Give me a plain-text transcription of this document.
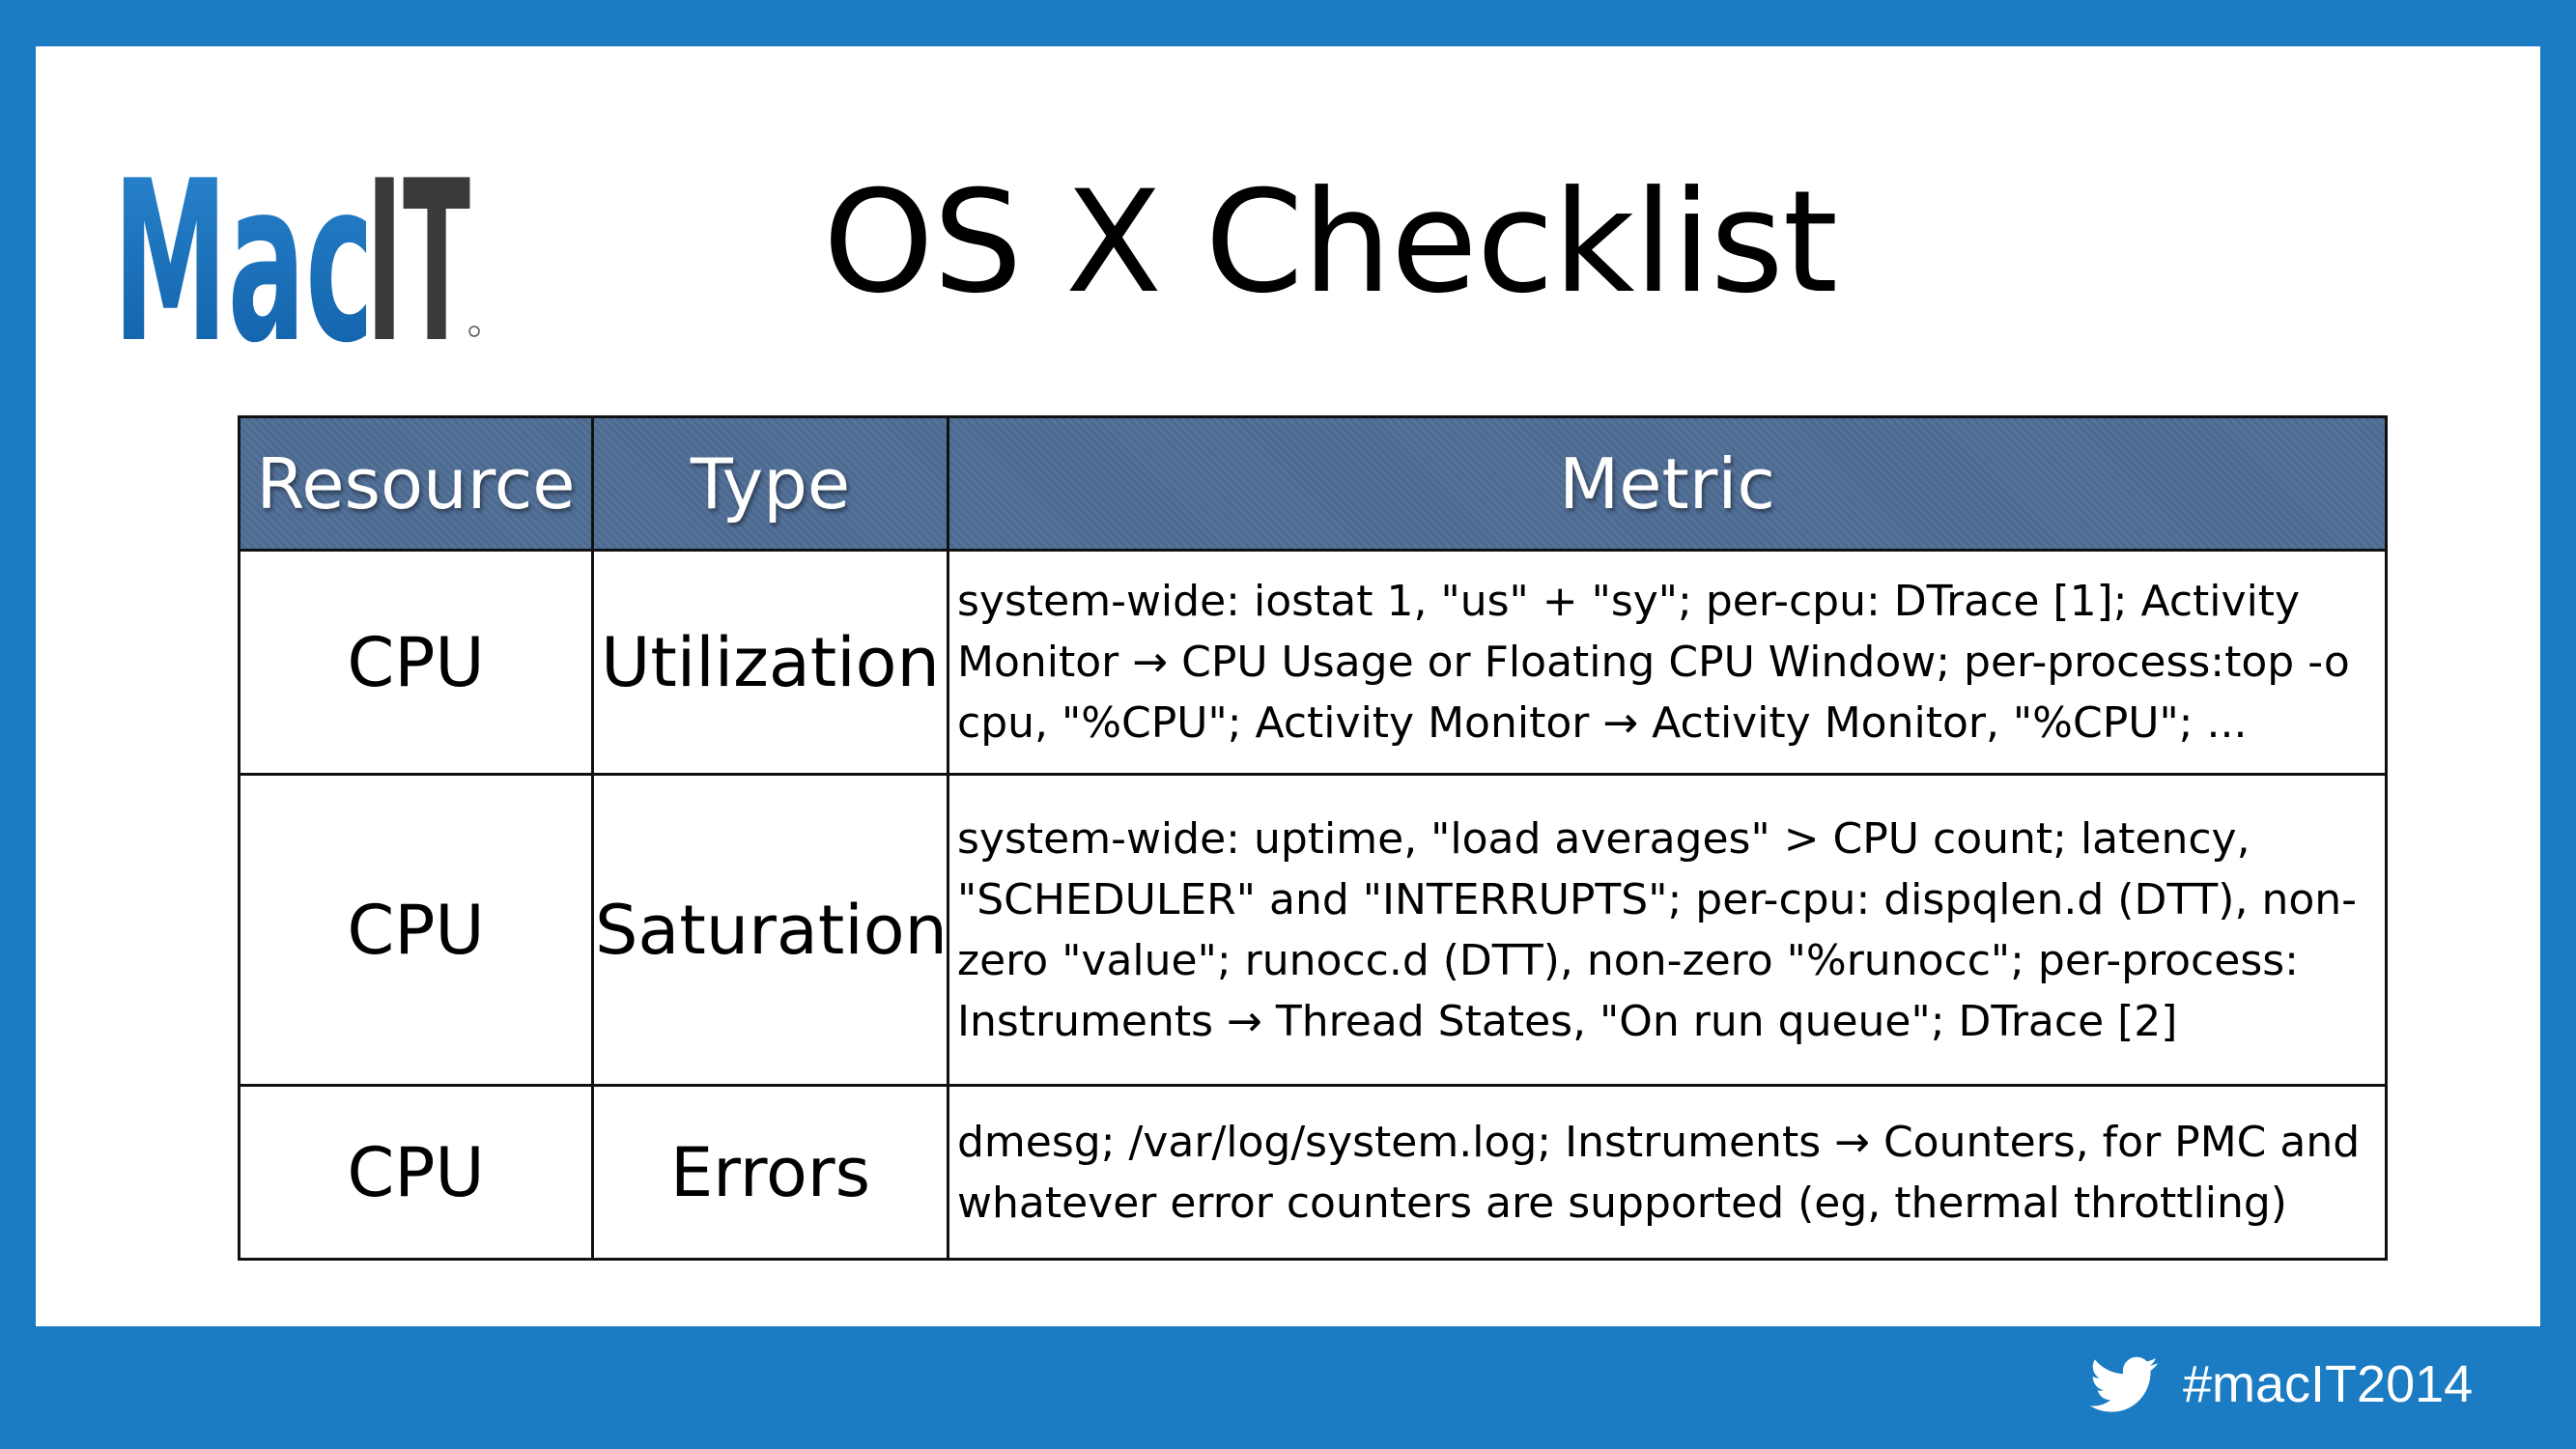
Mac
IT	OS X Checklist
Resource	Type	Metric
CPU	Utilization	system-wide: iostat 1, "us" + "sy"; per-cpu: DTrace [1]; Activity Monitor → CPU Usage or Floating CPU Window; per-process:top -o cpu, "%CPU"; Activity Monitor → Activity Monitor, "%CPU"; ...
CPU	Saturation	system-wide: uptime, "load averages" > CPU count; latency, "SCHEDULER" and "INTERRUPTS"; per-cpu: dispqlen.d (DTT), non-zero "value"; runocc.d (DTT), non-zero "%runocc"; per-process: Instruments → Thread States, "On run queue"; DTrace [2]
CPU	Errors	dmesg; /var/log/system.log; Instruments → Counters, for PMC and whatever error counters are supported (eg, thermal throttling)
#macIT2014
